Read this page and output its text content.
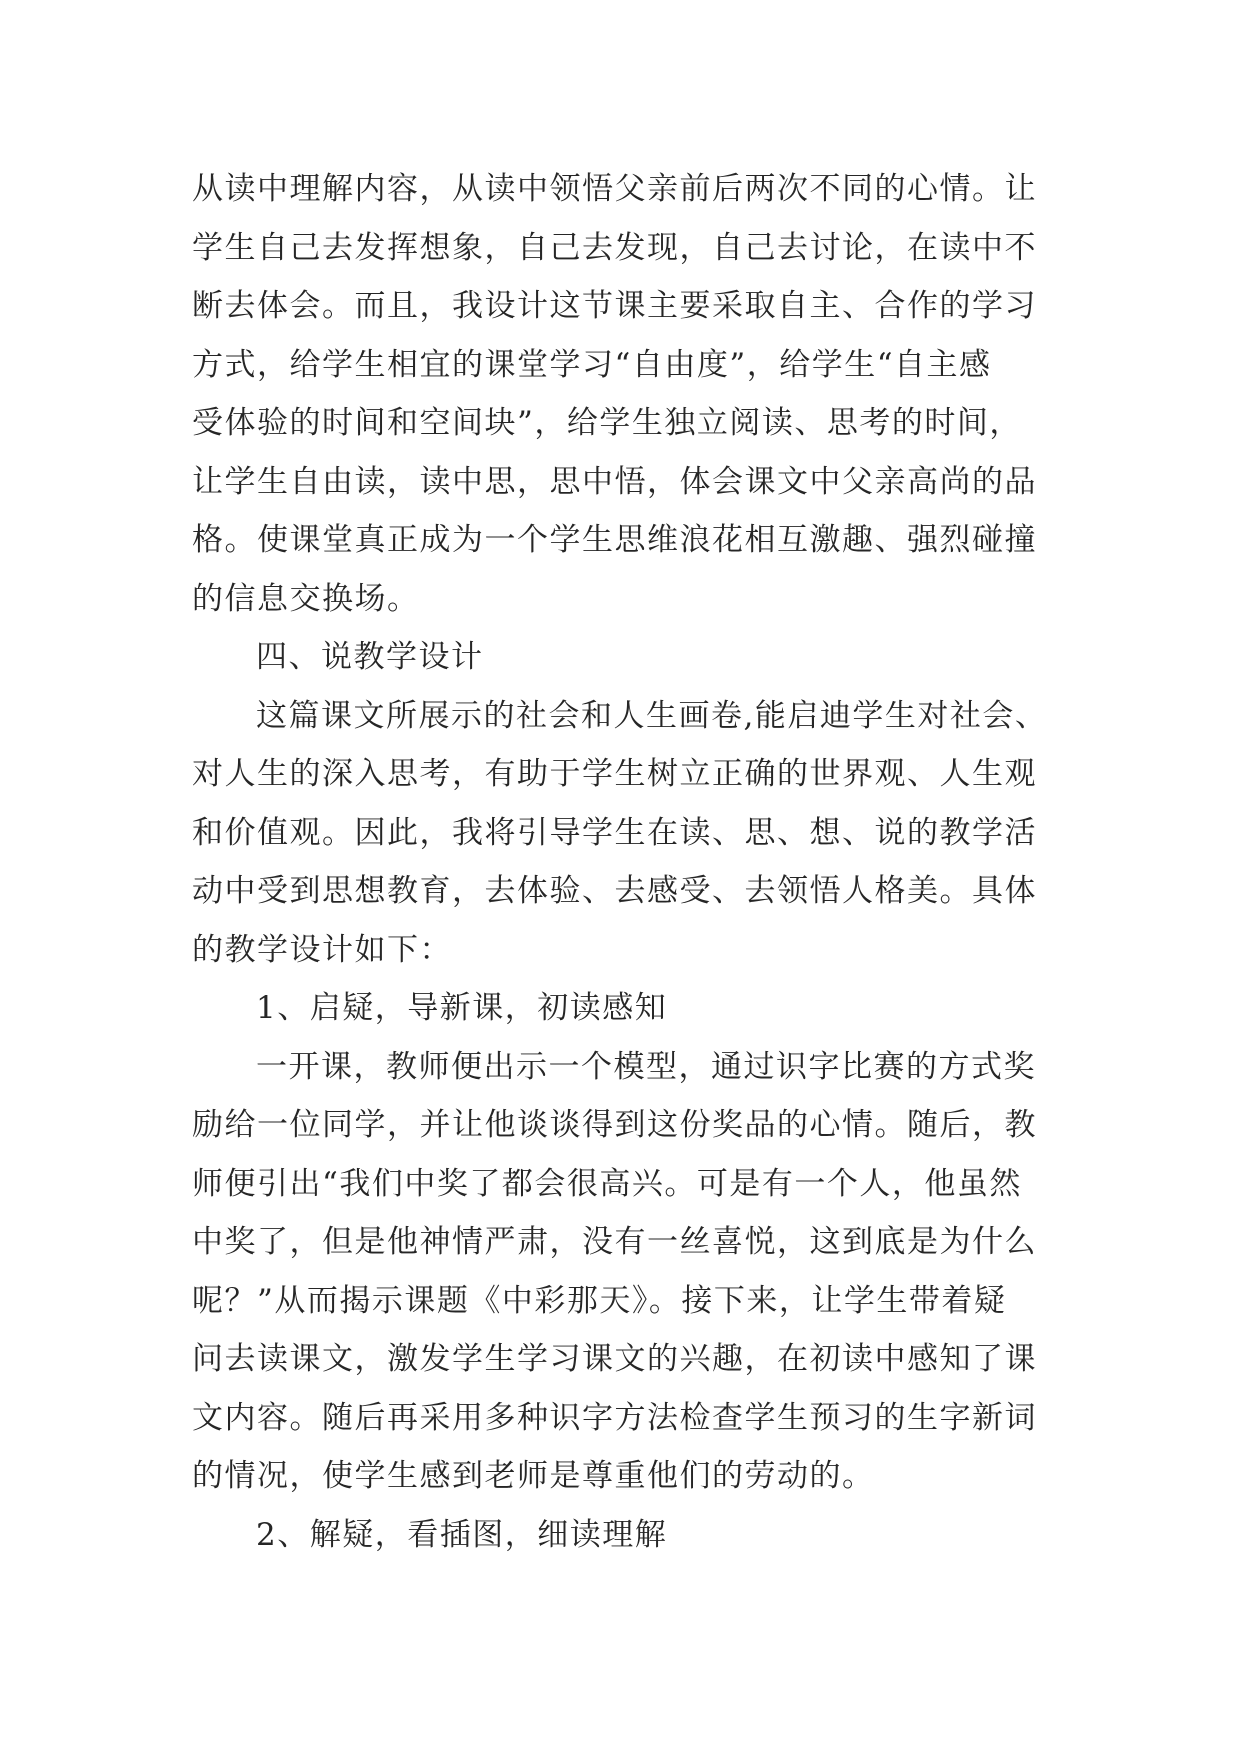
从读中理解内容，从读中领悟父亲前后两次不同的心情。让
学生自己去发挥想象，自己去发现，自己去讨论，在读中不
断去体会。而且，我设计这节课主要采取自主、合作的学习
方式，给学生相宜的课堂学习“自由度”，给学生“自主感
受体验的时间和空间块”，给学生独立阅读、思考的时间，
让学生自由读，读中思，思中悟，体会课文中父亲高尚的品
格。使课堂真正成为一个学生思维浪花相互激趣、强烈碰撞
的信息交换场。
四、说教学设计
这篇课文所展示的社会和人生画卷,能启迪学生对社会、
对人生的深入思考，有助于学生树立正确的世界观、人生观
和价值观。因此，我将引导学生在读、思、想、说的教学活
动中受到思想教育，去体验、去感受、去领悟人格美。具体
的教学设计如下：
1、启疑，导新课，初读感知
一开课，教师便出示一个模型，通过识字比赛的方式奖
励给一位同学，并让他谈谈得到这份奖品的心情。随后，教
师便引出“我们中奖了都会很高兴。可是有一个人，他虽然
中奖了，但是他神情严肃，没有一丝喜悦，这到底是为什么
呢？”从而揭示课题《中彩那天》。接下来，让学生带着疑
问去读课文，激发学生学习课文的兴趣，在初读中感知了课
文内容。随后再采用多种识字方法检查学生预习的生字新词
的情况，使学生感到老师是尊重他们的劳动的。
2、解疑，看插图，细读理解
